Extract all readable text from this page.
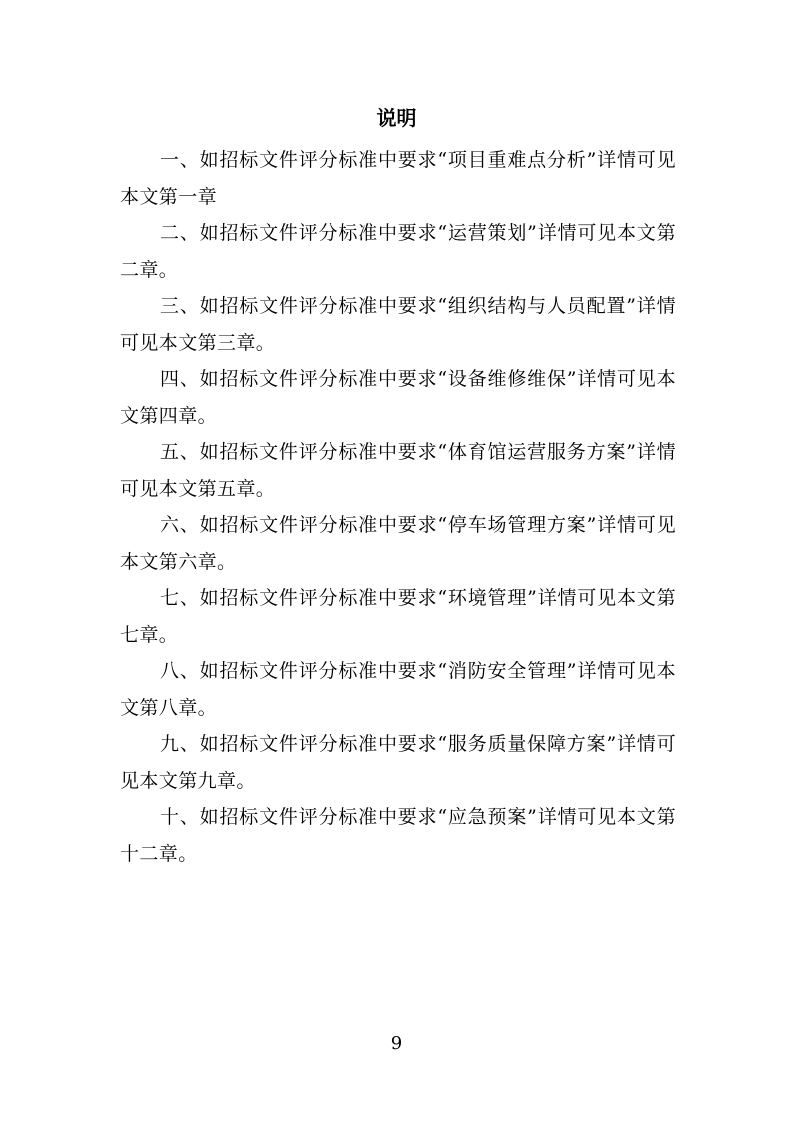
说明

一、如招标文件评分标准中要求“项目重难点分析”详情可见本文第一章

二、如招标文件评分标准中要求“运营策划”详情可见本文第二章。

三、如招标文件评分标准中要求“组织结构与人员配置”详情可见本文第三章。

四、如招标文件评分标准中要求“设备维修维保”详情可见本文第四章。

五、如招标文件评分标准中要求“体育馆运营服务方案”详情可见本文第五章。

六、如招标文件评分标准中要求“停车场管理方案”详情可见本文第六章。

七、如招标文件评分标准中要求“环境管理”详情可见本文第七章。

八、如招标文件评分标准中要求“消防安全管理”详情可见本文第八章。

九、如招标文件评分标准中要求“服务质量保障方案”详情可见本文第九章。

十、如招标文件评分标准中要求“应急预案”详情可见本文第十二章。

9
